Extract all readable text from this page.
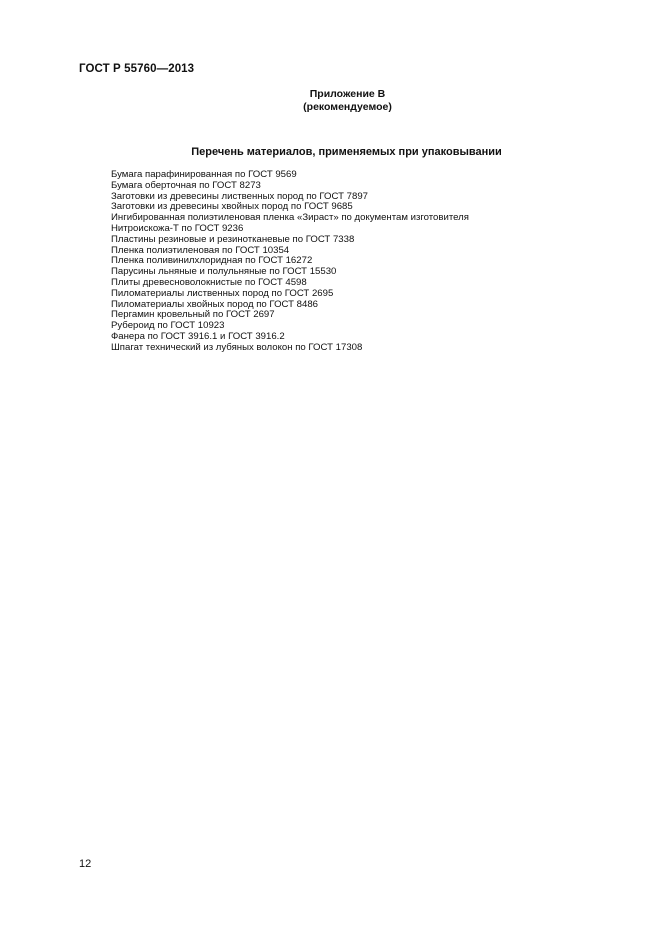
ГОСТ Р 55760—2013
Приложение В
(рекомендуемое)
Перечень материалов, применяемых при упаковывании
Бумага парафинированная по ГОСТ 9569
Бумага оберточная по ГОСТ 8273
Заготовки из древесины лиственных пород по ГОСТ 7897
Заготовки из древесины хвойных пород по ГОСТ 9685
Ингибированная полиэтиленовая пленка «Зираст» по документам изготовителя
Нитроискожа-Т по ГОСТ 9236
Пластины резиновые и резинотканевые по ГОСТ 7338
Пленка полиэтиленовая по ГОСТ 10354
Пленка поливинилхлоридная по ГОСТ 16272
Парусины льняные и полульняные по ГОСТ 15530
Плиты древесноволокнистые по ГОСТ 4598
Пиломатериалы лиственных пород по ГОСТ 2695
Пиломатериалы хвойных пород по ГОСТ 8486
Пергамин кровельный по ГОСТ 2697
Рубероид по ГОСТ 10923
Фанера по ГОСТ 3916.1 и ГОСТ 3916.2
Шпагат технический из лубяных волокон по ГОСТ 17308
12
